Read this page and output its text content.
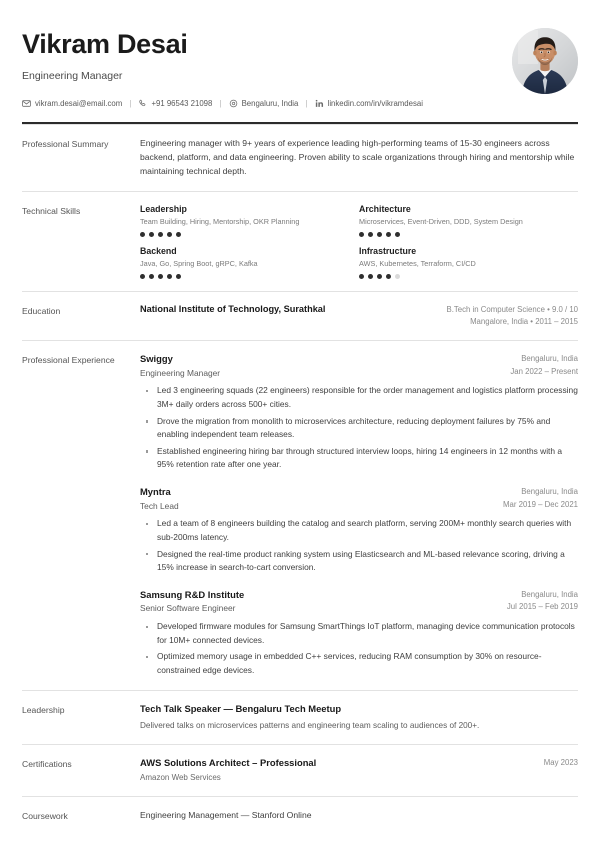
Vikram Desai
Engineering Manager
vikram.desai@email.com |	+91 96543 21098 |	Bengaluru, India |	linkedin.com/in/vikramdesai
Professional Summary	Engineering manager with 9+ years of experience leading high-performing teams of 15-30 engineers across backend, platform, and data engineering. Proven ability to scale organizations through hiring and mentorship while maintaining technical depth.

Technical Skills	Leadership
Team Building, Hiring, Mentorship, OKR Planning
Backend
Java, Go, Spring Boot, gRPC, Kafka
Architecture
Microservices, Event-Driven, DDD, System Design
Infrastructure
AWS, Kubernetes, Terraform, CI/CD
Education	National Institute of Technology, Surathkal	B.Tech in Computer Science • 9.0 / 10
Mangalore, India • 2011 – 2015
Professional Experience	Swiggy
Engineering Manager
Bengaluru, India
Jan 2022 – Present
Led 3 engineering squads (22 engineers) responsible for the order management and logistics platform processing 3M+ daily orders across 500+ cities.
Drove the migration from monolith to microservices architecture, reducing deployment failures by 75% and enabling independent team releases.
Established engineering hiring bar through structured interview loops, hiring 14 engineers in 12 months with a 95% retention rate after one year.
Myntra
Tech Lead
Bengaluru, India
Mar 2019 – Dec 2021
Led a team of 8 engineers building the catalog and search platform, serving 200M+ monthly search queries with sub-200ms latency.
Designed the real-time product ranking system using Elasticsearch and ML-based relevance scoring, driving a 15% increase in search-to-cart conversion.
Samsung R&D Institute
Senior Software Engineer
Bengaluru, India
Jul 2015 – Feb 2019
Developed firmware modules for Samsung SmartThings IoT platform, managing device communication protocols for 10M+ connected devices.
Optimized memory usage in embedded C++ services, reducing RAM consumption by 30% on resource-constrained edge devices.
Leadership	Tech Talk Speaker — Bengaluru Tech Meetup

Delivered talks on microservices patterns and engineering team scaling to audiences of 200+.

Certifications	AWS Solutions Architect – Professional
Amazon Web Services
May 2023
Coursework	Engineering Management — Stanford Online
